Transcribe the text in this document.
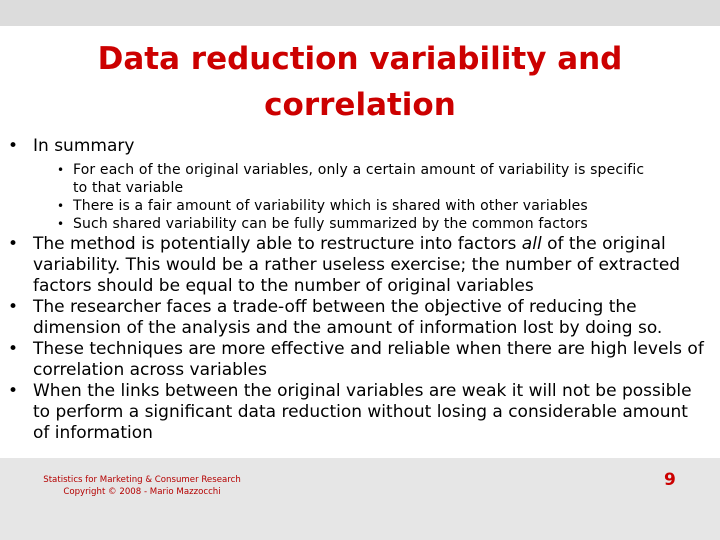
Data reduction variability and correlation
• In summary
• For each of the original variables, only a certain amount of variability is specific to that variable
• There is a fair amount of variability which is shared with other variables
• Such shared variability can be fully summarized by the common factors
• The method is potentially able to restructure into factors all of the original variability. This would be a rather useless exercise; the number of extracted factors should be equal to the number of original variables
• The researcher faces a trade-off between the objective of reducing the dimension of the analysis and the amount of information lost by doing so.
• These techniques are more effective and reliable when there are high levels of correlation across variables
• When the links between the original variables are weak it will not be possible to perform a significant data reduction without losing a considerable amount of information
Statistics for Marketing & Consumer Research
Copyright © 2008 - Mario Mazzocchi
9
